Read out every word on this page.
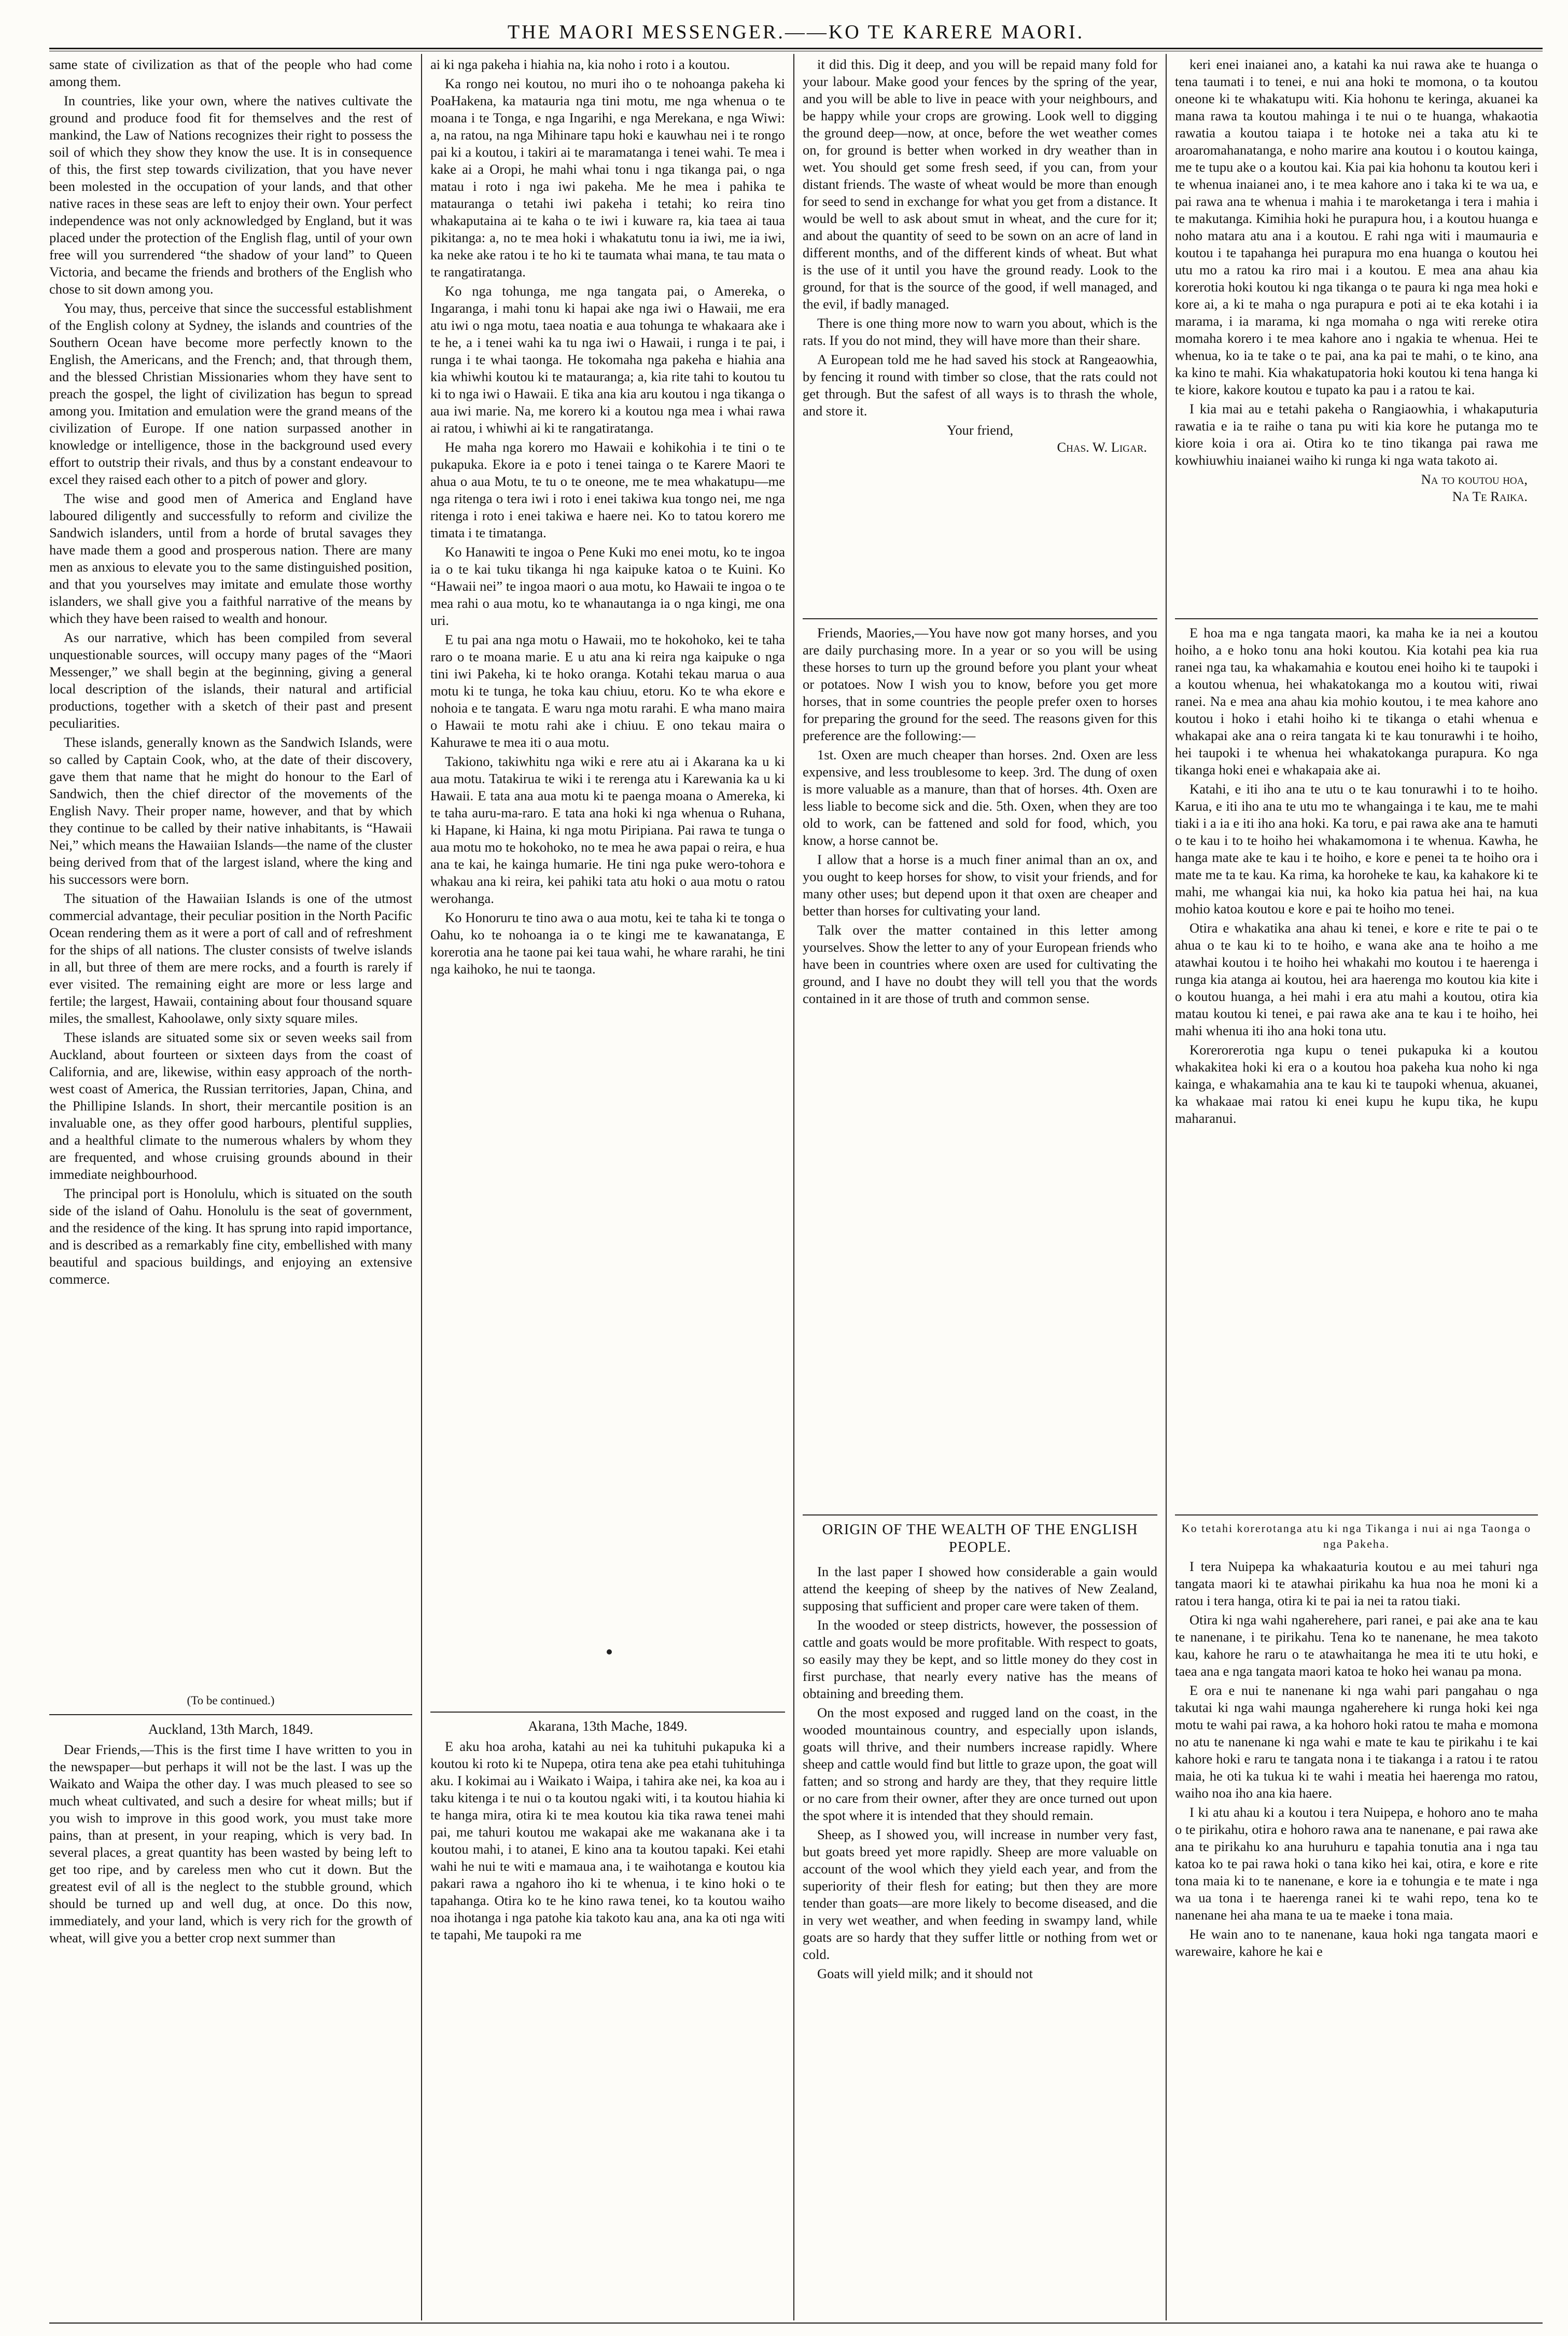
THE MAORI MESSENGER.——KO TE KARERE MAORI.

same state of civilization as that of the people who had come among them.

In countries, like your own, where the natives cultivate the ground and produce food fit for themselves and the rest of mankind, the Law of Nations recognizes their right to possess the soil of which they show they know the use. It is in consequence of this, the first step towards civilization, that you have never been molested in the occupation of your lands, and that other native races in these seas are left to enjoy their own. Your perfect independence was not only acknowledged by England, but it was placed under the protection of the English flag, until of your own free will you surrendered “the shadow of your land” to Queen Victoria, and became the friends and brothers of the English who chose to sit down among you.

You may, thus, perceive that since the successful establishment of the English colony at Sydney, the islands and countries of the Southern Ocean have become more perfectly known to the English, the Americans, and the French; and, that through them, and the blessed Christian Missionaries whom they have sent to preach the gospel, the light of civilization has begun to spread among you. Imitation and emulation were the grand means of the civilization of Europe. If one nation surpassed another in knowledge or intelligence, those in the background used every effort to outstrip their rivals, and thus by a constant endeavour to excel they raised each other to a pitch of power and glory.

The wise and good men of America and England have laboured diligently and successfully to reform and civilize the Sandwich islanders, until from a horde of brutal savages they have made them a good and prosperous nation. There are many men as anxious to elevate you to the same distinguished position, and that you yourselves may imitate and emulate those worthy islanders, we shall give you a faithful narrative of the means by which they have been raised to wealth and honour.

As our narrative, which has been compiled from several unquestionable sources, will occupy many pages of the “Maori Messenger,” we shall begin at the beginning, giving a general local description of the islands, their natural and artificial productions, together with a sketch of their past and present peculiarities.

These islands, generally known as the Sandwich Islands, were so called by Captain Cook, who, at the date of their discovery, gave them that name that he might do honour to the Earl of Sandwich, then the chief director of the movements of the English Navy. Their proper name, however, and that by which they continue to be called by their native inhabitants, is “Hawaii Nei,” which means the Hawaiian Islands—the name of the cluster being derived from that of the largest island, where the king and his successors were born.

The situation of the Hawaiian Islands is one of the utmost commercial advantage, their peculiar position in the North Pacific Ocean rendering them as it were a port of call and of refreshment for the ships of all nations. The cluster consists of twelve islands in all, but three of them are mere rocks, and a fourth is rarely if ever visited. The remaining eight are more or less large and fertile; the largest, Hawaii, containing about four thousand square miles, the smallest, Kahoolawe, only sixty square miles.

These islands are situated some six or seven weeks sail from Auckland, about fourteen or sixteen days from the coast of California, and are, likewise, within easy approach of the north-west coast of America, the Russian territories, Japan, China, and the Phillipine Islands. In short, their mercantile position is an invaluable one, as they offer good harbours, plentiful supplies, and a healthful climate to the numerous whalers by whom they are frequented, and whose cruising grounds abound in their immediate neighbourhood.

The principal port is Honolulu, which is situated on the south side of the island of Oahu. Honolulu is the seat of government, and the residence of the king. It has sprung into rapid importance, and is described as a remarkably fine city, embellished with many beautiful and spacious buildings, and enjoying an extensive commerce.

(To be continued.)
Auckland, 13th March, 1849.

Dear Friends,—This is the first time I have written to you in the newspaper—but perhaps it will not be the last. I was up the Waikato and Waipa the other day. I was much pleased to see so much wheat cultivated, and such a desire for wheat mills; but if you wish to improve in this good work, you must take more pains, than at present, in your reaping, which is very bad. In several places, a great quantity has been wasted by being left to get too ripe, and by careless men who cut it down. But the greatest evil of all is the neglect to the stubble ground, which should be turned up and well dug, at once. Do this now, immediately, and your land, which is very rich for the growth of wheat, will give you a better crop next summer than

ai ki nga pakeha i hiahia na, kia noho i roto i a koutou.

Ka rongo nei koutou, no muri iho o te nohoanga pakeha ki PoaHakena, ka matauria nga tini motu, me nga whenua o te moana i te Tonga, e nga Ingarihi, e nga Merekana, e nga Wiwi: a, na ratou, na nga Mihinare tapu hoki e kauwhau nei i te rongo pai ki a koutou, i takiri ai te maramatanga i tenei wahi. Te mea i kake ai a Oropi, he mahi whai tonu i nga tikanga pai, o nga matau i roto i nga iwi pakeha. Me he mea i pahika te matauranga o tetahi iwi pakeha i tetahi; ko reira tino whakaputaina ai te kaha o te iwi i kuware ra, kia taea ai taua pikitanga: a, no te mea hoki i whakatutu tonu ia iwi, me ia iwi, ka neke ake ratou i te ho ki te taumata whai mana, te tau mata o te rangatiratanga.

Ko nga tohunga, me nga tangata pai, o Amereka, o Ingaranga, i mahi tonu ki hapai ake nga iwi o Hawaii, me era atu iwi o nga motu, taea noatia e aua tohunga te whakaara ake i te he, a i tenei wahi ka tu nga iwi o Hawaii, i runga i te pai, i runga i te whai taonga. He tokomaha nga pakeha e hiahia ana kia whiwhi koutou ki te matauranga; a, kia rite tahi to koutou tu ki to nga iwi o Hawaii. E tika ana kia aru koutou i nga tikanga o aua iwi marie. Na, me korero ki a koutou nga mea i whai rawa ai ratou, i whiwhi ai ki te rangatiratanga.

He maha nga korero mo Hawaii e kohikohia i te tini o te pukapuka. Ekore ia e poto i tenei tainga o te Karere Maori te ahua o aua Motu, te tu o te oneone, me te mea whakatupu—me nga ritenga o tera iwi i roto i enei takiwa kua tongo nei, me nga ritenga i roto i enei takiwa e haere nei. Ko to tatou korero me timata i te timatanga.

Ko Hanawiti te ingoa o Pene Kuki mo enei motu, ko te ingoa ia o te kai tuku tikanga hi nga kaipuke katoa o te Kuini. Ko “Hawaii nei” te ingoa maori o aua motu, ko Hawaii te ingoa o te mea rahi o aua motu, ko te whanautanga ia o nga kingi, me ona uri.

E tu pai ana nga motu o Hawaii, mo te hokohoko, kei te taha raro o te moana marie. E u atu ana ki reira nga kaipuke o nga tini iwi Pakeha, ki te hoko oranga. Kotahi tekau marua o aua motu ki te tunga, he toka kau chiuu, etoru. Ko te wha ekore e nohoia e te tangata. E waru nga motu rarahi. E wha mano maira o Hawaii te motu rahi ake i chiuu. E ono tekau maira o Kahurawe te mea iti o aua motu.

Takiono, takiwhitu nga wiki e rere atu ai i Akarana ka u ki aua motu. Tatakirua te wiki i te rerenga atu i Karewania ka u ki Hawaii. E tata ana aua motu ki te paenga moana o Amereka, ki te taha auru-ma-raro. E tata ana hoki ki nga whenua o Ruhana, ki Hapane, ki Haina, ki nga motu Piripiana. Pai rawa te tunga o aua motu mo te hokohoko, no te mea he awa papai o reira, e hua ana te kai, he kainga humarie. He tini nga puke wero-tohora e whakau ana ki reira, kei pahiki tata atu hoki o aua motu o ratou werohanga.

Ko Honoruru te tino awa o aua motu, kei te taha ki te tonga o Oahu, ko te nohoanga ia o te kingi me te kawanatanga, E korerotia ana he taone pai kei taua wahi, he whare rarahi, he tini nga kaihoko, he nui te taonga.

Akarana, 13th Mache, 1849.

E aku hoa aroha, katahi au nei ka tuhituhi pukapuka ki a koutou ki roto ki te Nupepa, otira tena ake pea etahi tuhituhinga aku. I kokimai au i Waikato i Waipa, i tahira ake nei, ka koa au i taku kitenga i te nui o ta koutou ngaki witi, i ta koutou hiahia ki te hanga mira, otira ki te mea koutou kia tika rawa tenei mahi pai, me tahuri koutou me wakapai ake me wakanana ake i ta koutou mahi, i to atanei, E kino ana ta koutou tapaki. Kei etahi wahi he nui te witi e mamaua ana, i te waihotanga e koutou kia pakari rawa a ngahoro iho ki te whenua, i te kino hoki o te tapahanga. Otira ko te he kino rawa tenei, ko ta koutou waiho noa ihotanga i nga patohe kia takoto kau ana, ana ka oti nga witi te tapahi, Me taupoki ra me

it did this. Dig it deep, and you will be repaid many fold for your labour. Make good your fences by the spring of the year, and you will be able to live in peace with your neighbours, and be happy while your crops are growing. Look well to digging the ground deep—now, at once, before the wet weather comes on, for ground is better when worked in dry weather than in wet. You should get some fresh seed, if you can, from your distant friends. The waste of wheat would be more than enough for seed to send in exchange for what you get from a distance. It would be well to ask about smut in wheat, and the cure for it; and about the quantity of seed to be sown on an acre of land in different months, and of the different kinds of wheat. But what is the use of it until you have the ground ready. Look to the ground, for that is the source of the good, if well managed, and the evil, if badly managed.

There is one thing more now to warn you about, which is the rats. If you do not mind, they will have more than their share.

A European told me he had saved his stock at Rangeaowhia, by fencing it round with timber so close, that the rats could not get through. But the safest of all ways is to thrash the whole, and store it.

Your friend,
Chas. W. Ligar.

Friends, Maories,—You have now got many horses, and you are daily purchasing more. In a year or so you will be using these horses to turn up the ground before you plant your wheat or potatoes. Now I wish you to know, before you get more horses, that in some countries the people prefer oxen to horses for preparing the ground for the seed. The reasons given for this preference are the following:—

1st. Oxen are much cheaper than horses. 2nd. Oxen are less expensive, and less troublesome to keep. 3rd. The dung of oxen is more valuable as a manure, than that of horses. 4th. Oxen are less liable to become sick and die. 5th. Oxen, when they are too old to work, can be fattened and sold for food, which, you know, a horse cannot be.

I allow that a horse is a much finer animal than an ox, and you ought to keep horses for show, to visit your friends, and for many other uses; but depend upon it that oxen are cheaper and better than horses for cultivating your land.

Talk over the matter contained in this letter among yourselves. Show the letter to any of your European friends who have been in countries where oxen are used for cultivating the ground, and I have no doubt they will tell you that the words contained in it are those of truth and common sense.

ORIGIN OF THE WEALTH OF THE ENGLISH PEOPLE.

In the last paper I showed how considerable a gain would attend the keeping of sheep by the natives of New Zealand, supposing that sufficient and proper care were taken of them.

In the wooded or steep districts, however, the possession of cattle and goats would be more profitable. With respect to goats, so easily may they be kept, and so little money do they cost in first purchase, that nearly every native has the means of obtaining and breeding them.

On the most exposed and rugged land on the coast, in the wooded mountainous country, and especially upon islands, goats will thrive, and their numbers increase rapidly. Where sheep and cattle would find but little to graze upon, the goat will fatten; and so strong and hardy are they, that they require little or no care from their owner, after they are once turned out upon the spot where it is intended that they should remain.

Sheep, as I showed you, will increase in number very fast, but goats breed yet more rapidly. Sheep are more valuable on account of the wool which they yield each year, and from the superiority of their flesh for eating; but then they are more tender than goats—are more likely to become diseased, and die in very wet weather, and when feeding in swampy land, while goats are so hardy that they suffer little or nothing from wet or cold.

Goats will yield milk; and it should not

keri enei inaianei ano, a katahi ka nui rawa ake te huanga o tena taumati i to tenei, e nui ana hoki te momona, o ta koutou oneone ki te whakatupu witi. Kia hohonu te keringa, akuanei ka mana rawa ta koutou mahinga i te nui o te huanga, whakaotia rawatia a koutou taiapa i te hotoke nei a taka atu ki te aroaromahanatanga, e noho marire ana koutou i o koutou kainga, me te tupu ake o a koutou kai. Kia pai kia hohonu ta koutou keri i te whenua inaianei ano, i te mea kahore ano i taka ki te wa ua, e pai rawa ana te whenua i mahia i te maroketanga i tera i mahia i te makutanga. Kimihia hoki he purapura hou, i a koutou huanga e noho matara atu ana i a koutou. E rahi nga witi i maumauria e koutou i te tapahanga hei purapura mo ena huanga o koutou hei utu mo a ratou ka riro mai i a koutou. E mea ana ahau kia korerotia hoki koutou ki nga tikanga o te paura ki nga mea hoki e kore ai, a ki te maha o nga purapura e poti ai te eka kotahi i ia marama, i ia marama, ki nga momaha o nga witi rereke otira momaha korero i te mea kahore ano i ngakia te whenua. Hei te whenua, ko ia te take o te pai, ana ka pai te mahi, o te kino, ana ka kino te mahi. Kia whakatupatoria hoki koutou ki tena hanga ki te kiore, kakore koutou e tupato ka pau i a ratou te kai.

I kia mai au e tetahi pakeha o Rangiaowhia, i whakaputuria rawatia e ia te raihe o tana pu witi kia kore he putanga mo te kiore koia i ora ai. Otira ko te tino tikanga pai rawa me kowhiuwhiu inaianei waiho ki runga ki nga wata takoto ai.

Na to koutou hoa,
Na Te Raika.

E hoa ma e nga tangata maori, ka maha ke ia nei a koutou hoiho, a e hoko tonu ana hoki koutou. Kia kotahi pea kia rua ranei nga tau, ka whakamahia e koutou enei hoiho ki te taupoki i a koutou whenua, hei whakatokanga mo a koutou witi, riwai ranei. Na e mea ana ahau kia mohio koutou, i te mea kahore ano koutou i hoko i etahi hoiho ki te tikanga o etahi whenua e whakapai ake ana o reira tangata ki te kau tonurawhi i te hoiho, hei taupoki i te whenua hei whakatokanga purapura. Ko nga tikanga hoki enei e whakapaia ake ai.

Katahi, e iti iho ana te utu o te kau tonurawhi i to te hoiho. Karua, e iti iho ana te utu mo te whangainga i te kau, me te mahi tiaki i a ia e iti iho ana hoki. Ka toru, e pai rawa ake ana te hamuti o te kau i to te hoiho hei whakamomona i te whenua. Kawha, he hanga mate ake te kau i te hoiho, e kore e penei ta te hoiho ora i mate me ta te kau. Ka rima, ka horoheke te kau, ka kahakore ki te mahi, me whangai kia nui, ka hoko kia patua hei hai, na kua mohio katoa koutou e kore e pai te hoiho mo tenei.

Otira e whakatika ana ahau ki tenei, e kore e rite te pai o te ahua o te kau ki to te hoiho, e wana ake ana te hoiho a me atawhai koutou i te hoiho hei whakahi mo koutou i te haerenga i runga kia atanga ai koutou, hei ara haerenga mo koutou kia kite i o koutou huanga, a hei mahi i era atu mahi a koutou, otira kia matau koutou ki tenei, e pai rawa ake ana te kau i te hoiho, hei mahi whenua iti iho ana hoki tona utu.

Korerorerotia nga kupu o tenei pukapuka ki a koutou whakakitea hoki ki era o a koutou hoa pakeha kua noho ki nga kainga, e whakamahia ana te kau ki te taupoki whenua, akuanei, ka whakaae mai ratou ki enei kupu he kupu tika, he kupu maharanui.

Ko tetahi korerotanga atu ki nga Tikanga i nui ai nga Taonga o nga Pakeha.

I tera Nuipepa ka whakaaturia koutou e au mei tahuri nga tangata maori ki te atawhai pirikahu ka hua noa he moni ki a ratou i tera hanga, otira ki te pai ia nei ta ratou tiaki.

Otira ki nga wahi ngaherehere, pari ranei, e pai ake ana te kau te nanenane, i te pirikahu. Tena ko te nanenane, he mea takoto kau, kahore he raru o te atawhaitanga he mea iti te utu hoki, e taea ana e nga tangata maori katoa te hoko hei wanau pa mona.

E ora e nui te nanenane ki nga wahi pari pangahau o nga takutai ki nga wahi maunga ngaherehere ki runga hoki kei nga motu te wahi pai rawa, a ka hohoro hoki ratou te maha e momona no atu te nanenane ki nga wahi e mate te kau te pirikahu i te kai kahore hoki e raru te tangata nona i te tiakanga i a ratou i te ratou maia, he oti ka tukua ki te wahi i meatia hei haerenga mo ratou, waiho noa iho ana kia haere.

I ki atu ahau ki a koutou i tera Nuipepa, e hohoro ano te maha o te pirikahu, otira e hohoro rawa ana te nanenane, e pai rawa ake ana te pirikahu ko ana huruhuru e tapahia tonutia ana i nga tau katoa ko te pai rawa hoki o tana kiko hei kai, otira, e kore e rite tona maia ki to te nanenane, e kore ia e tohungia e te mate i nga wa ua tona i te haerenga ranei ki te wahi repo, tena ko te nanenane hei aha mana te ua te maeke i tona maia.

He wain ano to te nanenane, kaua hoki nga tangata maori e warewaire, kahore he kai e
